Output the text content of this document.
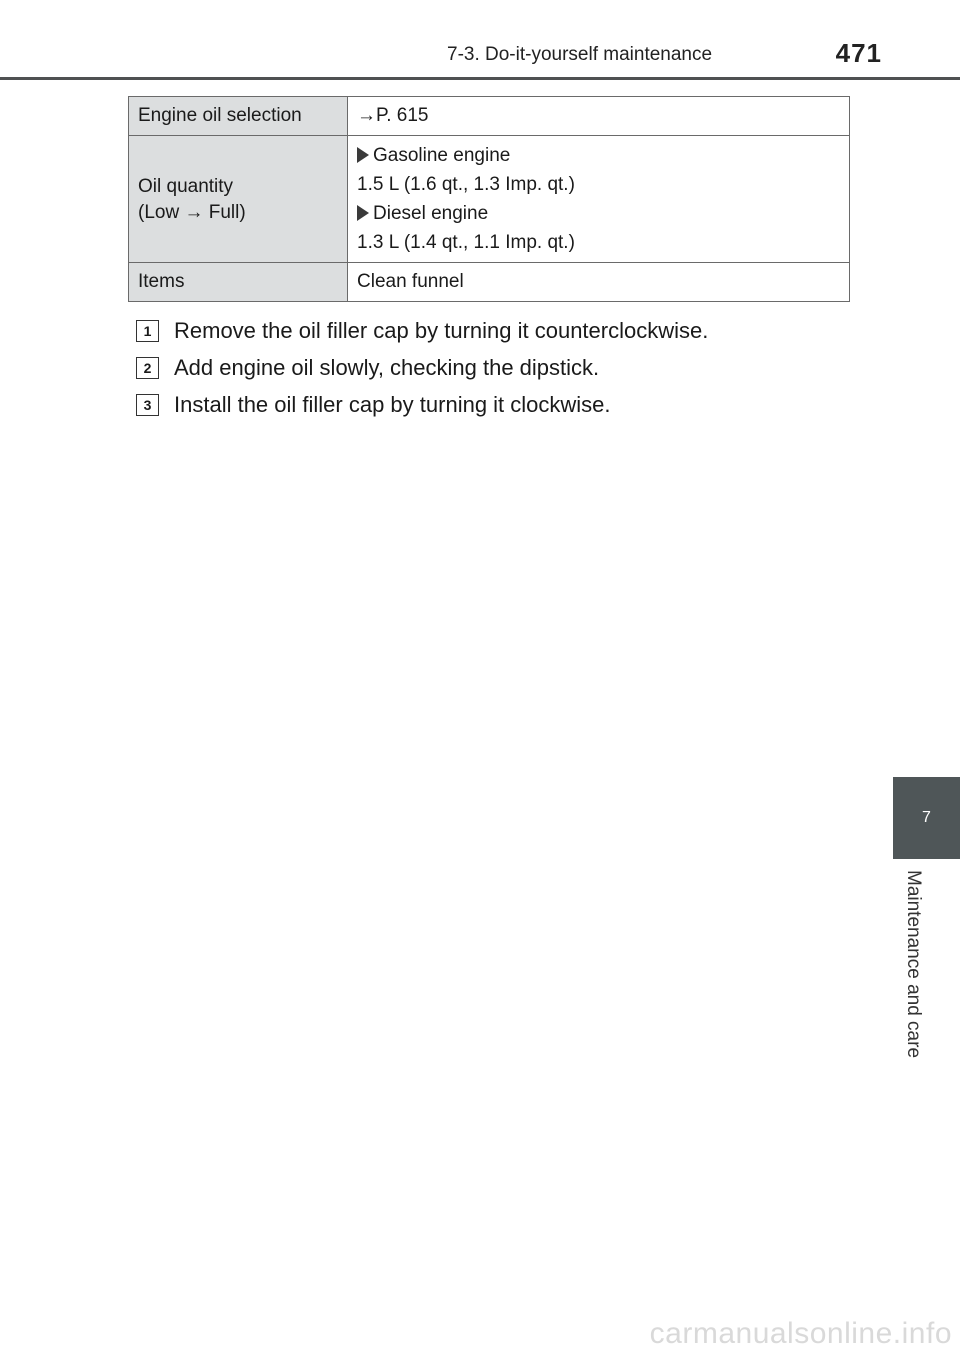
7-3. Do-it-yourself maintenance	471
Engine oil selection	→P. 615

Oil quantity
(Low → Full)	Gasoline engine
1.5 L (1.6 qt., 1.3 Imp. qt.)
Diesel engine
1.3 L (1.4 qt., 1.1 Imp. qt.)

Items	Clean funnel
1	Remove the oil filler cap by turning it counterclockwise.
2	Add engine oil slowly, checking the dipstick.
3	Install the oil filler cap by turning it clockwise.
7
Maintenance and care
carmanualsonline.info
